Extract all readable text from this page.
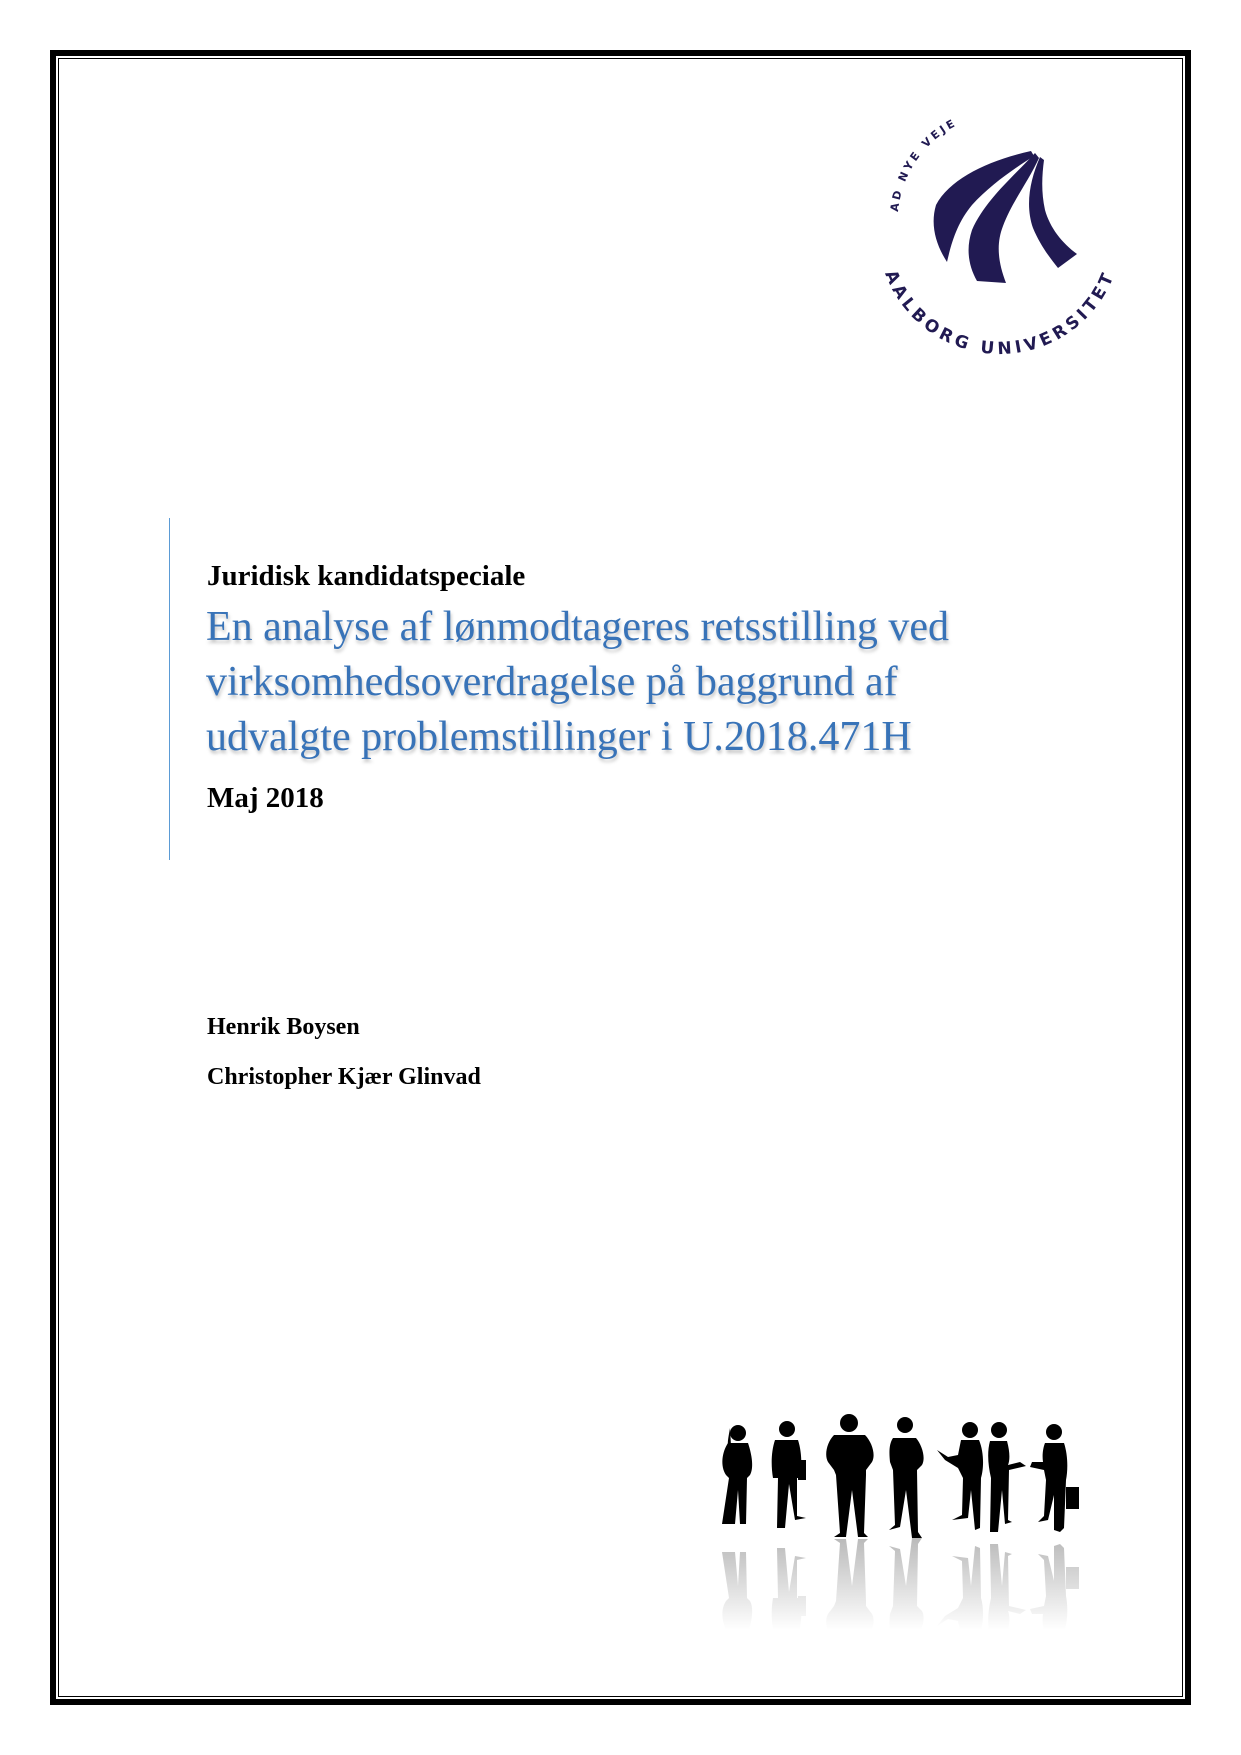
AALBORG UNIVERSITET
AD NYE VEJE
Juridisk kandidatspeciale
En analyse af lønmodtageres retsstilling ved
virksomhedsoverdragelse på baggrund af
udvalgte problemstillinger i U.2018.471H
Maj 2018
Henrik Boysen
Christopher Kjær Glinvad
